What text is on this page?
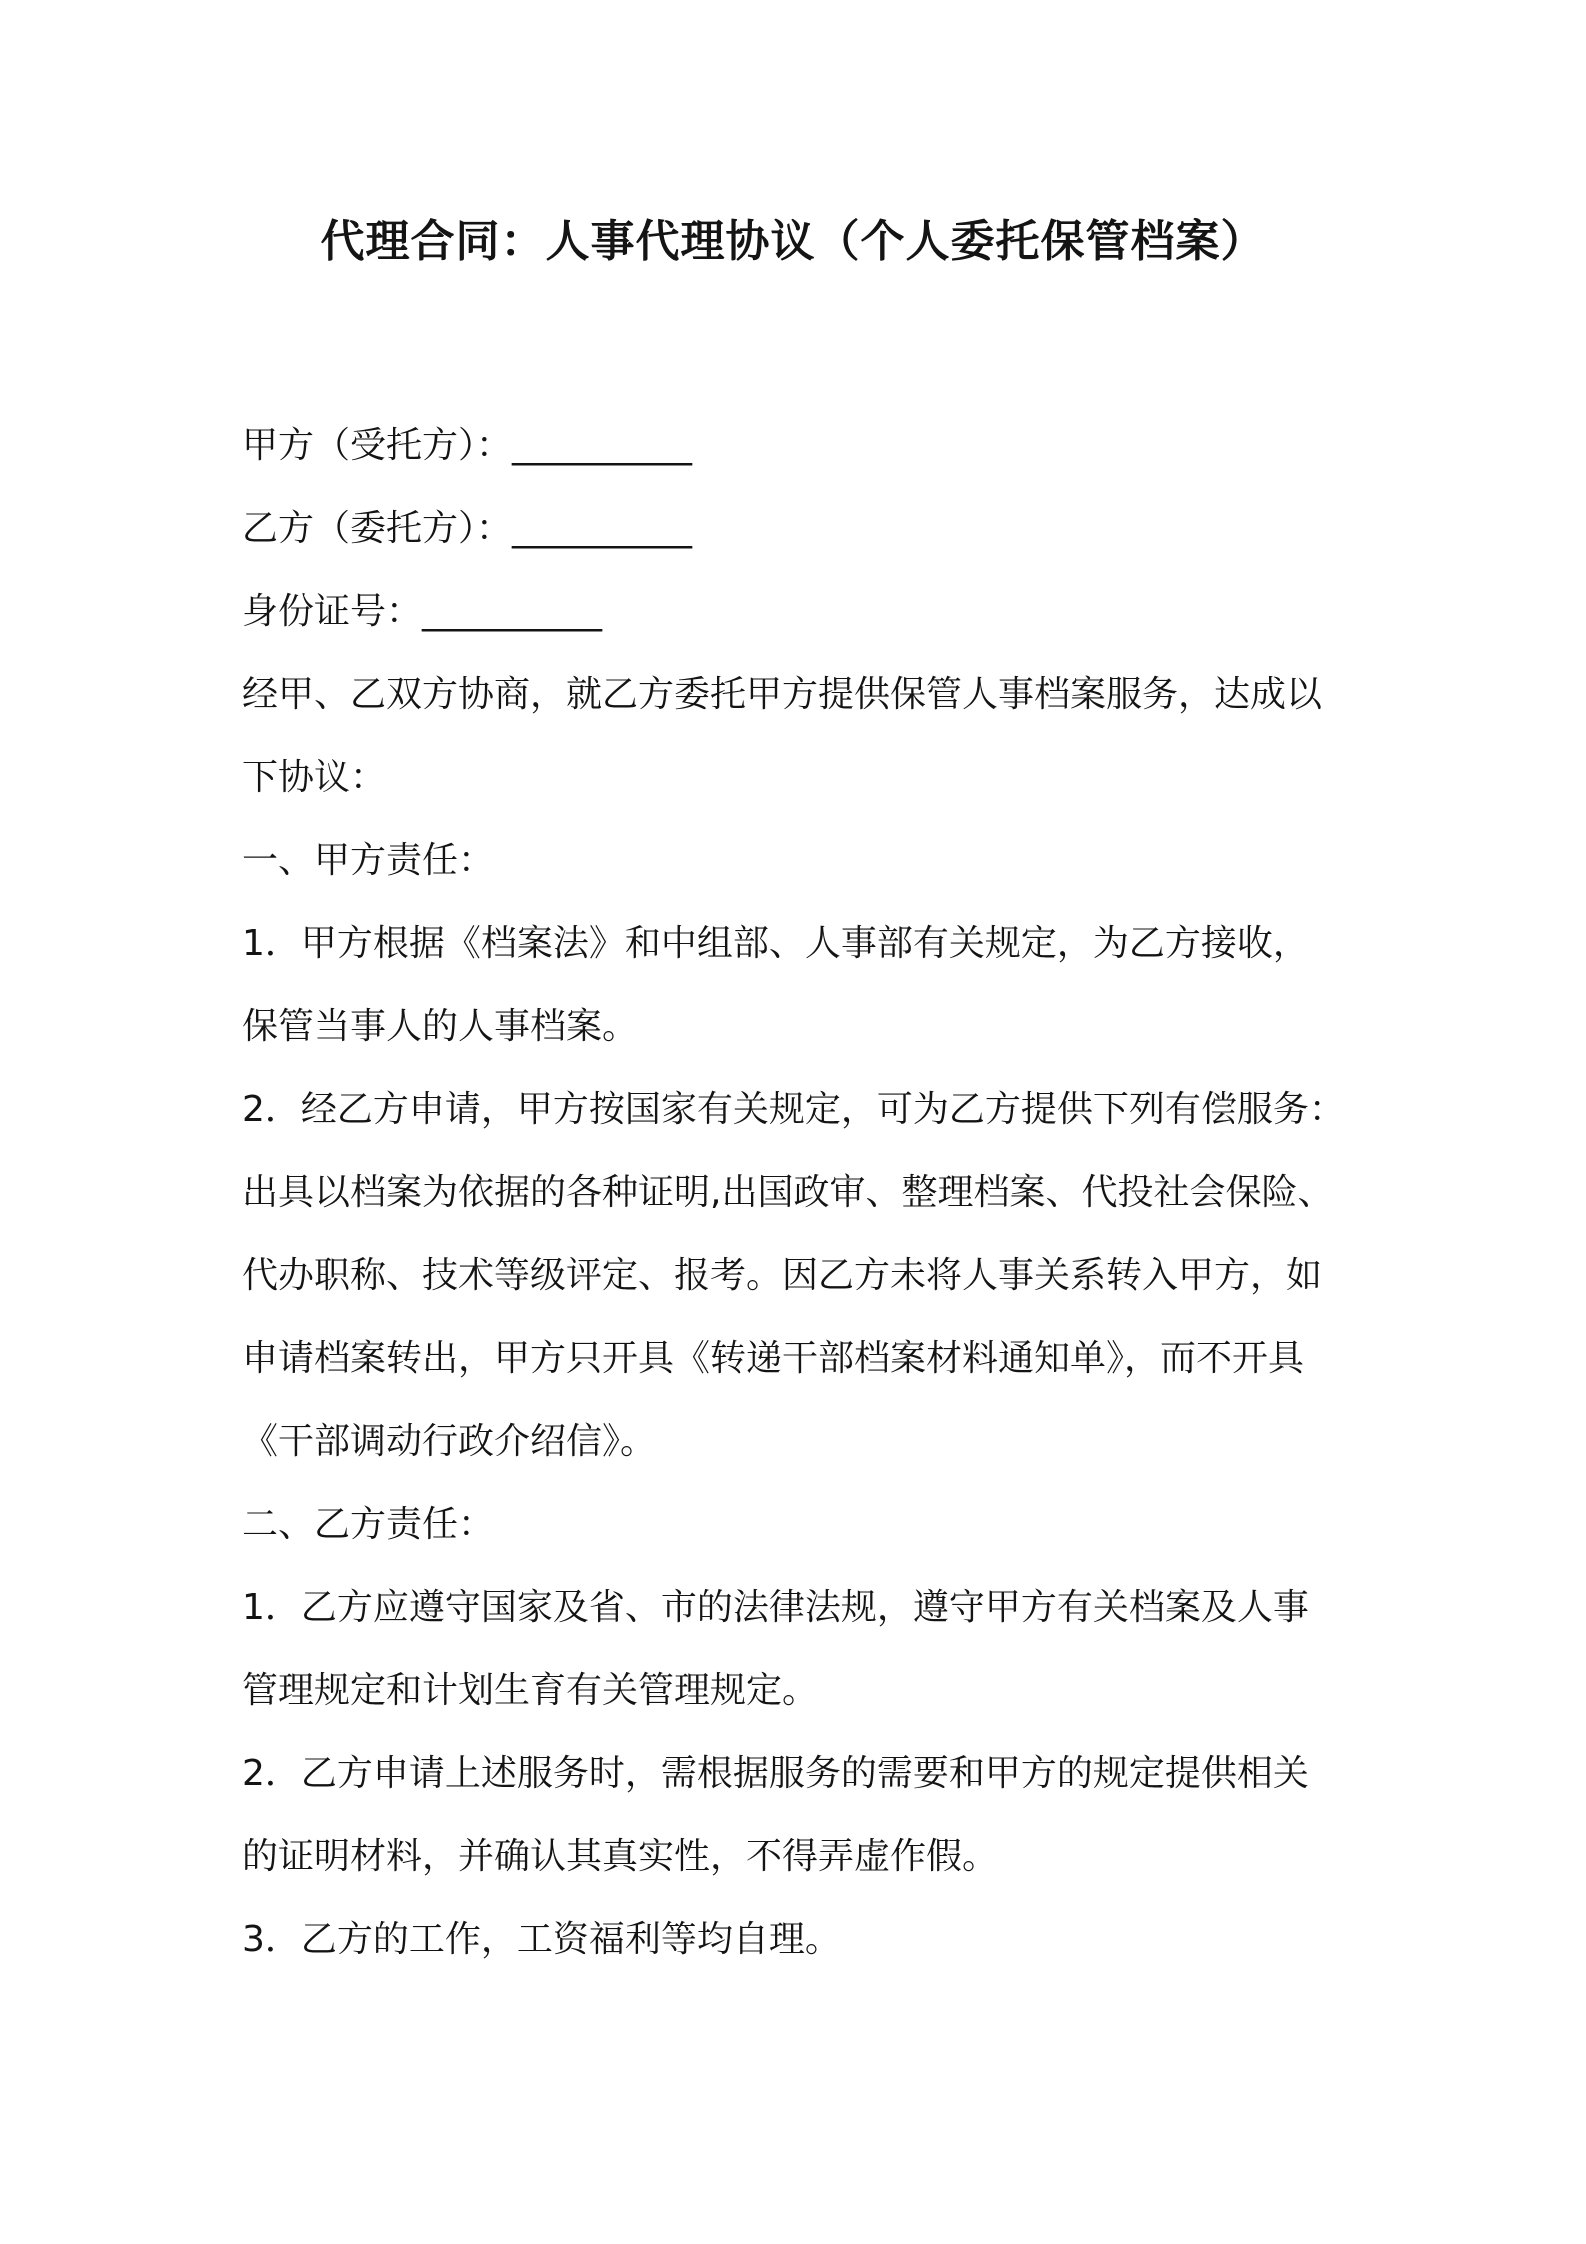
代理合同：人事代理协议（个人委托保管档案）
甲方（受托方）：__________
乙方（委托方）：__________
身份证号：__________
经甲、乙双方协商，就乙方委托甲方提供保管人事档案服务，达成以
下协议：
一、甲方责任：
1．甲方根据《档案法》和中组部、人事部有关规定，为乙方接收，
保管当事人的人事档案。
2．经乙方申请，甲方按国家有关规定，可为乙方提供下列有偿服务：
出具以档案为依据的各种证明,出国政审、整理档案、代投社会保险、
代办职称、技术等级评定、报考。因乙方未将人事关系转入甲方，如
申请档案转出，甲方只开具《转递干部档案材料通知单》，而不开具
《干部调动行政介绍信》。
二、乙方责任：
1．乙方应遵守国家及省、市的法律法规，遵守甲方有关档案及人事
管理规定和计划生育有关管理规定。
2．乙方申请上述服务时，需根据服务的需要和甲方的规定提供相关
的证明材料，并确认其真实性，不得弄虚作假。
3．乙方的工作，工资福利等均自理。
